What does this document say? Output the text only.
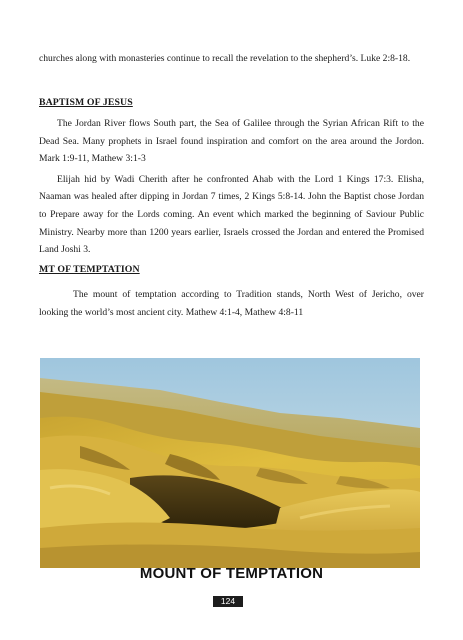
churches along with monasteries continue to recall the revelation to the shepherd’s. Luke 2:8-18.

BAPTISM OF JESUS

The Jordan River flows South part, the Sea of Galilee through the Syrian African Rift to the Dead Sea. Many prophets in Israel found inspiration and comfort on the area around the Jordon. Mark 1:9-11, Mathew 3:1-3

Elijah hid by Wadi Cherith after he confronted Ahab with the Lord 1 Kings 17:3. Elisha, Naaman was healed after dipping in Jordan 7 times, 2 Kings 5:8-14. John the Baptist chose Jordan to Prepare away for the Lords coming. An event which marked the beginning of Saviour Public Ministry. Nearby more than 1200 years earlier, Israels crossed the Jordan and entered the Promised Land Joshi 3.

MT OF TEMPTATION

The mount of temptation according to Tradition stands, North West of Jericho, over looking the world’s most ancient city. Mathew 4:1-4, Mathew 4:8-11

MOUNT OF TEMPTATION
124
